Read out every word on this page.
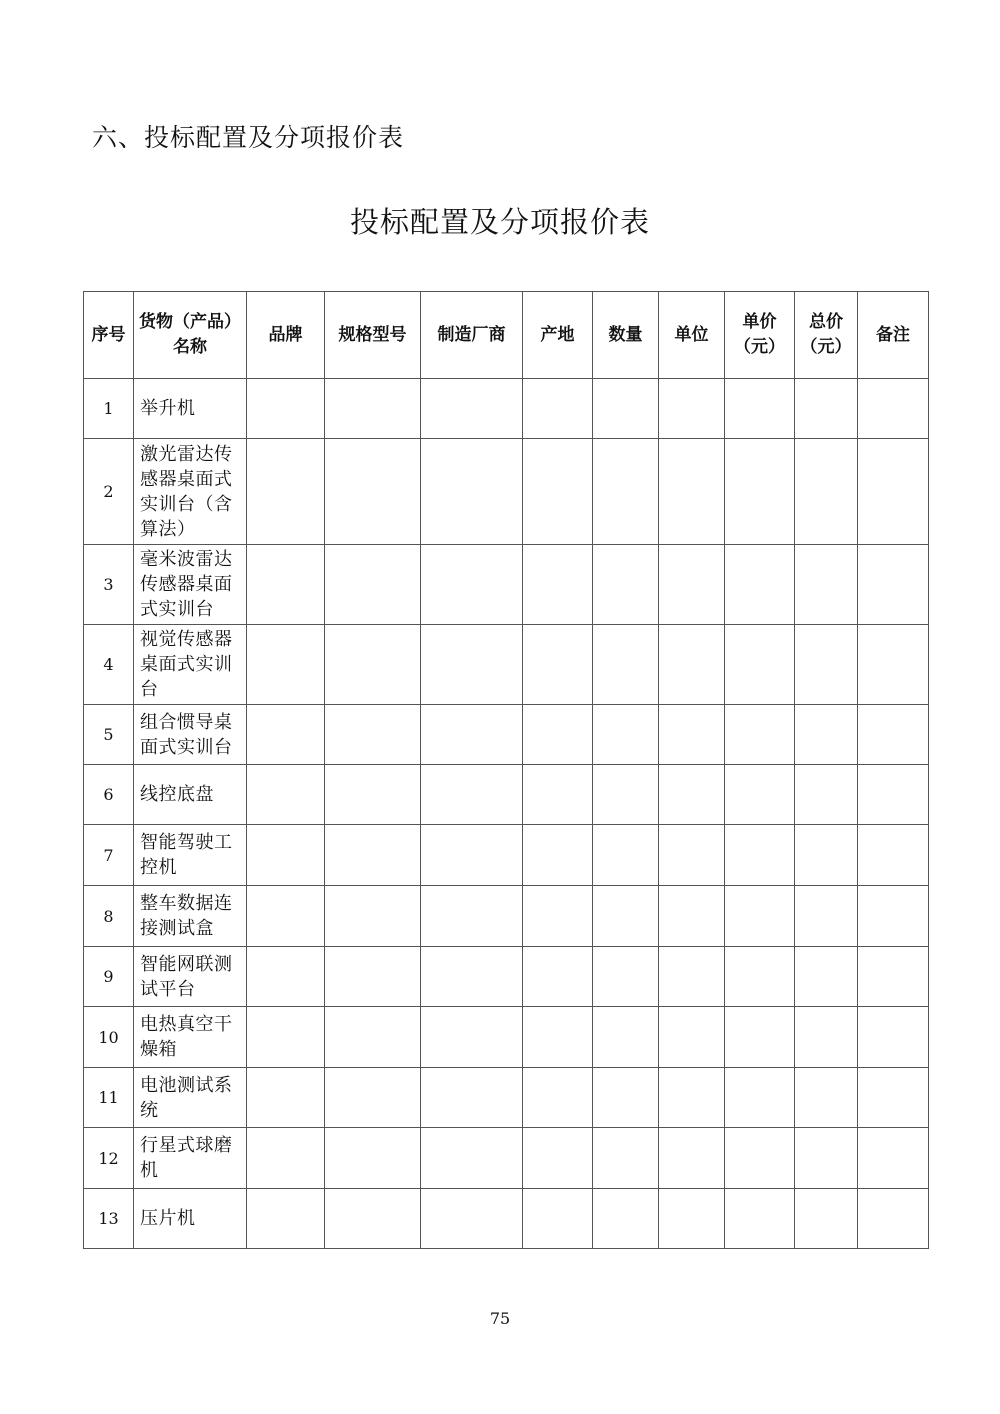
六、投标配置及分项报价表
投标配置及分项报价表
序号	货物（产品）名称	品牌	规格型号	制造厂商	产地	数量	单位	单价（元）	总价（元）	备注
1	举升机									
2	激光雷达传感器桌面式实训台（含算法）									
3	毫米波雷达传感器桌面式实训台									
4	视觉传感器桌面式实训台									
5	组合惯导桌面式实训台									
6	线控底盘									
7	智能驾驶工控机									
8	整车数据连接测试盒									
9	智能网联测试平台									
10	电热真空干燥箱									
11	电池测试系统									
12	行星式球磨机									
13	压片机									
75
